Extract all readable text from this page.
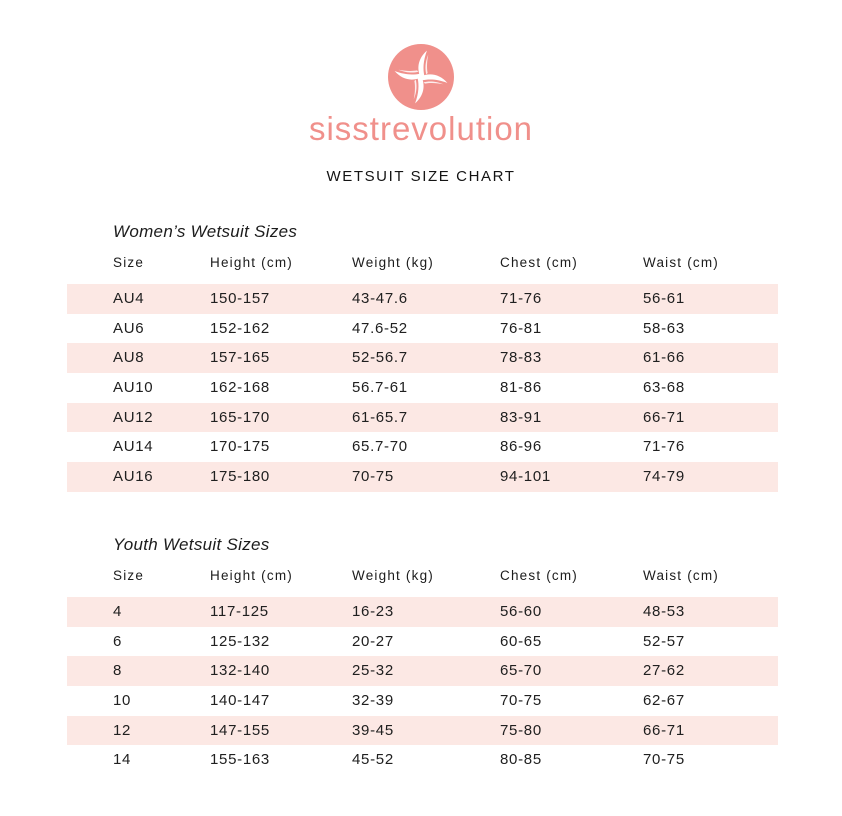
sisstrevolution
WETSUIT SIZE CHART
Women’s Wetsuit Sizes
Size	Height (cm)	Weight (kg)	Chest (cm)	Waist (cm)
AU4	150-157	43-47.6	71-76	56-61
AU6	152-162	47.6-52	76-81	58-63
AU8	157-165	52-56.7	78-83	61-66
AU10	162-168	56.7-61	81-86	63-68
AU12	165-170	61-65.7	83-91	66-71
AU14	170-175	65.7-70	86-96	71-76
AU16	175-180	70-75	94-101	74-79
Youth Wetsuit Sizes
Size	Height (cm)	Weight (kg)	Chest (cm)	Waist (cm)
4	117-125	16-23	56-60	48-53
6	125-132	20-27	60-65	52-57
8	132-140	25-32	65-70	27-62
10	140-147	32-39	70-75	62-67
12	147-155	39-45	75-80	66-71
14	155-163	45-52	80-85	70-75
